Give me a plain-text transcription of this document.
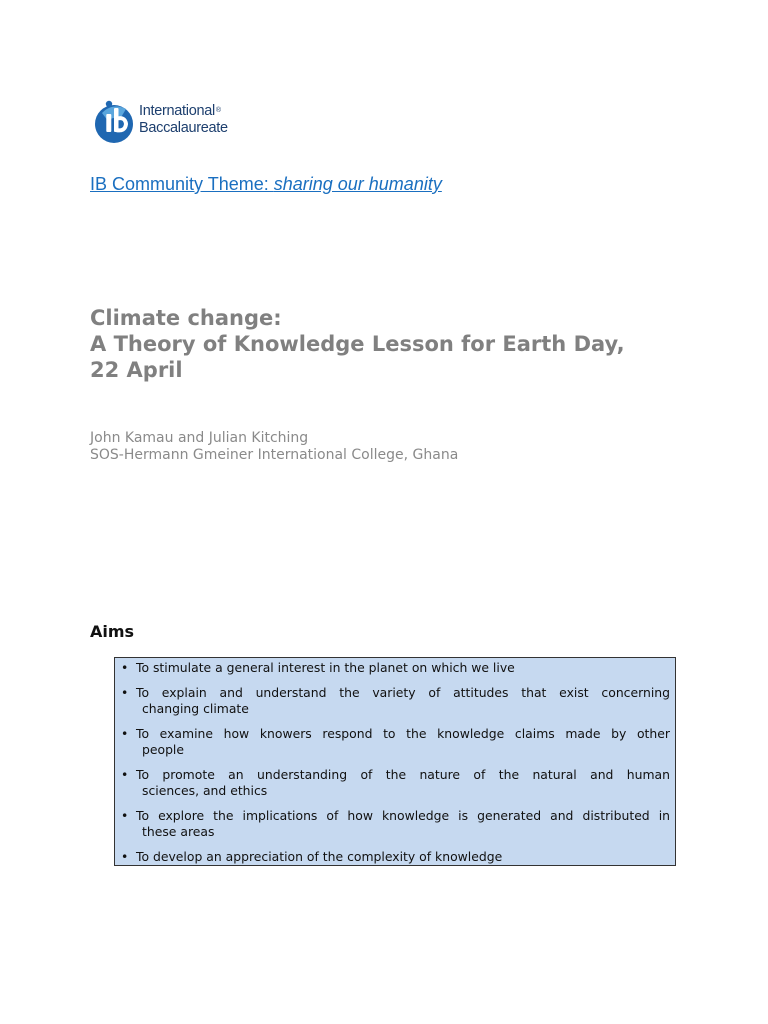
International®
Baccalaureate
IB Community Theme: sharing our humanity
Climate change:
A Theory of Knowledge Lesson for Earth Day,
22 April
John Kamau and Julian Kitching
SOS-Hermann Gmeiner International College, Ghana
Aims
• To stimulate a general interest in the planet on which we live
• To explain and understand the variety of attitudes that exist concerning
changing climate
• To examine how knowers respond to the knowledge claims made by other
people
• To promote an understanding of the nature of the natural and human
sciences, and ethics
• To explore the implications of how knowledge is generated and distributed in
these areas
• To develop an appreciation of the complexity of knowledge
